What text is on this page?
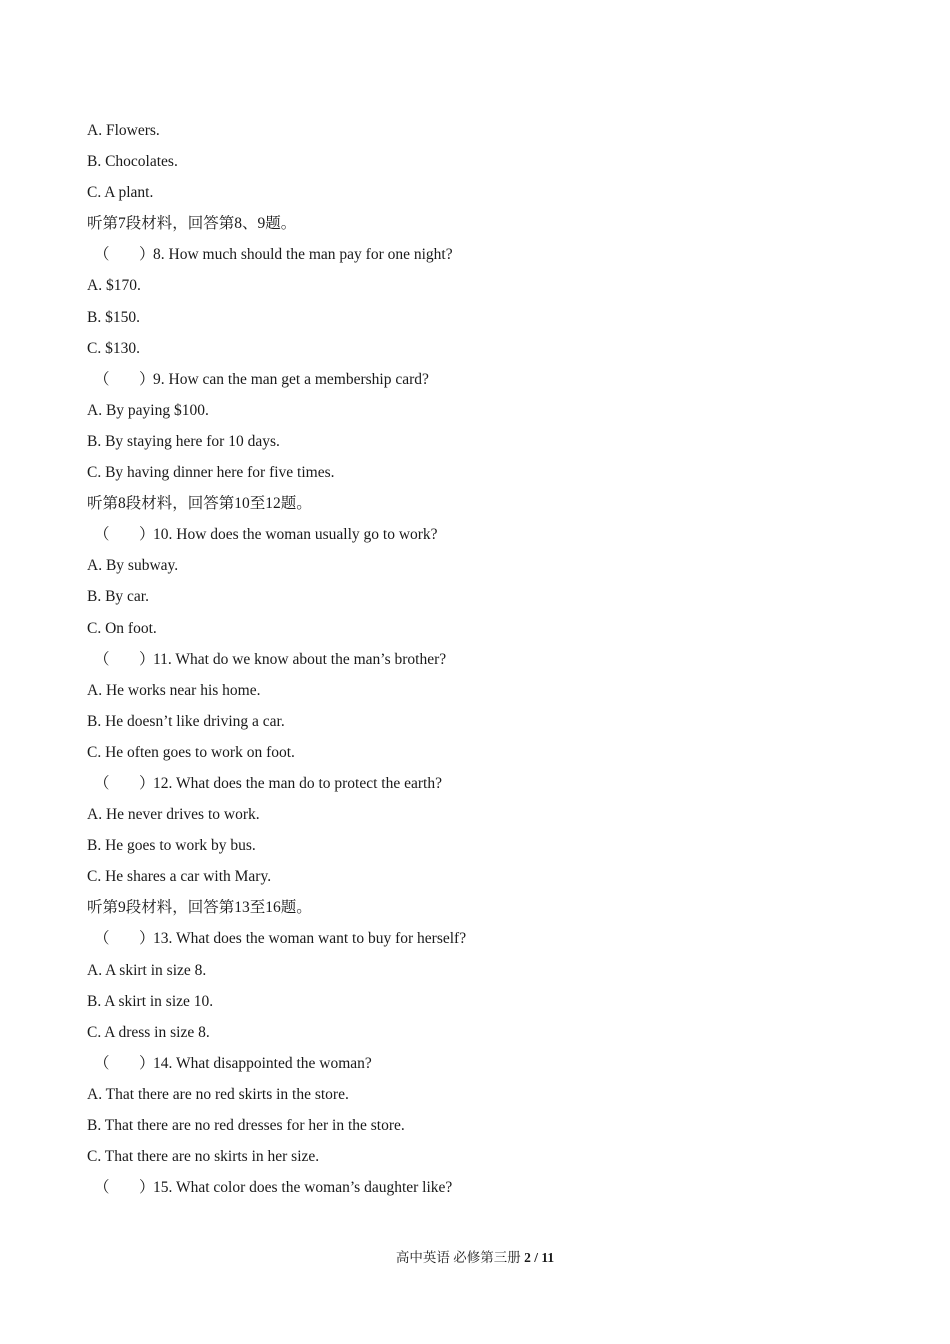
A. Flowers.
B. Chocolates.
C. A plant.
听第7段材料，回答第8、9题。
（ ）8. How much should the man pay for one night?
A. $170.
B. $150.
C. $130.
（ ）9. How can the man get a membership card?
A. By paying $100.
B. By staying here for 10 days.
C. By having dinner here for five times.
听第8段材料，回答第10至12题。
（ ）10. How does the woman usually go to work?
A. By subway.
B. By car.
C. On foot.
（ ）11. What do we know about the man’s brother?
A. He works near his home.
B. He doesn’t like driving a car.
C. He often goes to work on foot.
（ ）12. What does the man do to protect the earth?
A. He never drives to work.
B. He goes to work by bus.
C. He shares a car with Mary.
听第9段材料，回答第13至16题。
（ ）13. What does the woman want to buy for herself?
A. A skirt in size 8.
B. A skirt in size 10.
C. A dress in size 8.
（ ）14. What disappointed the woman?
A. That there are no red skirts in the store.
B. That there are no red dresses for her in the store.
C. That there are no skirts in her size.
（ ）15. What color does the woman’s daughter like?
高中英语 必修第三册 2 / 11
